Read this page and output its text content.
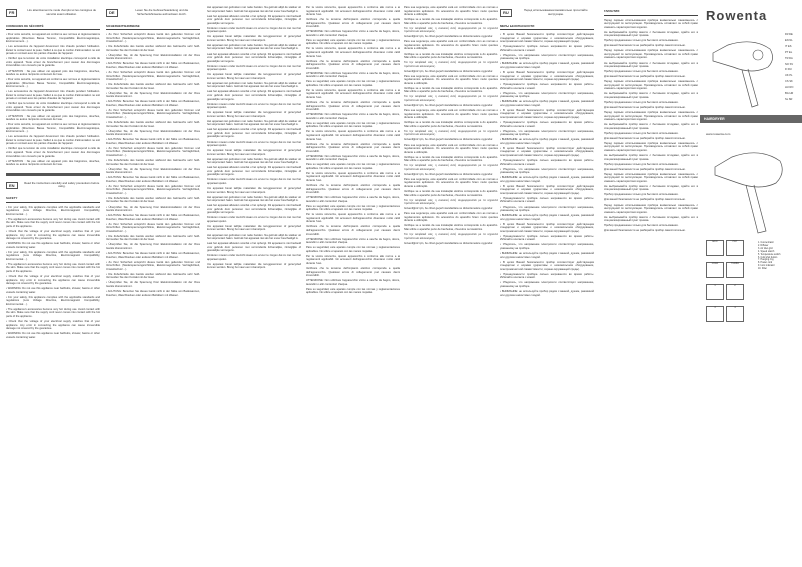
FR	Lire attentivement le mode d'emploi et les consignes de sécurité avant utilisation.
CONSIGNES DE SÉCURITÉ
• Pour votre sécurité, cet appareil est conforme aux normes et réglementations applicables (Directives Basse Tension, Compatibilité Électromagnétique, Environnement…).
• Les accessoires de l'appareil deviennent très chauds pendant l'utilisation. Évitez le contact avec la peau. Veillez à ce que le cordon d'alimentation ne soit jamais en contact avec les parties chaudes de l'appareil.
• Vérifiez que la tension de votre installation électrique correspond à celle de votre appareil. Toute erreur de branchement peut causer des dommages irréversibles non couverts par la garantie.
• ATTENTION : Ne pas utiliser cet appareil près des baignoires, douches, lavabos ou autres récipients contenant de l'eau.
• Pour votre sécurité, cet appareil est conforme aux normes et réglementations applicables (Directives Basse Tension, Compatibilité Électromagnétique, Environnement…).
• Les accessoires de l'appareil deviennent très chauds pendant l'utilisation. Évitez le contact avec la peau. Veillez à ce que le cordon d'alimentation ne soit jamais en contact avec les parties chaudes de l'appareil.
• Vérifiez que la tension de votre installation électrique correspond à celle de votre appareil. Toute erreur de branchement peut causer des dommages irréversibles non couverts par la garantie.
• ATTENTION : Ne pas utiliser cet appareil près des baignoires, douches, lavabos ou autres récipients contenant de l'eau.
• Pour votre sécurité, cet appareil est conforme aux normes et réglementations applicables (Directives Basse Tension, Compatibilité Électromagnétique, Environnement…).
• Les accessoires de l'appareil deviennent très chauds pendant l'utilisation. Évitez le contact avec la peau. Veillez à ce que le cordon d'alimentation ne soit jamais en contact avec les parties chaudes de l'appareil.
• Vérifiez que la tension de votre installation électrique correspond à celle de votre appareil. Toute erreur de branchement peut causer des dommages irréversibles non couverts par la garantie.
• ATTENTION : Ne pas utiliser cet appareil près des baignoires, douches, lavabos ou autres récipients contenant de l'eau.
EN	Read the instructions carefully and safety precautions before using.
SAFETY
• For your safety, this appliance complies with the applicable standards and regulations (Low Voltage Directive, Electromagnetic Compatibility, Environmental…).
• The appliance's accessories become very hot during use. Avoid contact with the skin. Make sure that the supply cord never comes into contact with the hot parts of the appliance.
• Check that the voltage of your electrical supply matches that of your appliance. Any error in connecting the appliance can cause irreversible damage not covered by the guarantee.
• WARNING: Do not use this appliance near bathtubs, shower, basins or other vessels containing water.
• For your safety, this appliance complies with the applicable standards and regulations (Low Voltage Directive, Electromagnetic Compatibility, Environmental…).
• The appliance's accessories become very hot during use. Avoid contact with the skin. Make sure that the supply cord never comes into contact with the hot parts of the appliance.
• Check that the voltage of your electrical supply matches that of your appliance. Any error in connecting the appliance can cause irreversible damage not covered by the guarantee.
• WARNING: Do not use this appliance near bathtubs, shower, basins or other vessels containing water.
• For your safety, this appliance complies with the applicable standards and regulations (Low Voltage Directive, Electromagnetic Compatibility, Environmental…).
• The appliance's accessories become very hot during use. Avoid contact with the skin. Make sure that the supply cord never comes into contact with the hot parts of the appliance.
• Check that the voltage of your electrical supply matches that of your appliance. Any error in connecting the appliance can cause irreversible damage not covered by the guarantee.
• WARNING: Do not use this appliance near bathtubs, shower, basins or other vessels containing water.
DE	Lesen Sie die Gebrauchsanleitung und die Sicherheitshinweise aufmerksam durch.
SICHERHEITSHINWEISE
• Zu Ihrer Sicherheit entspricht dieses Gerät den geltenden Normen und Vorschriften (Niederspannungsrichtlinie, Elektromagnetische Verträglichkeit, Umweltschutz…).
• Die Zubehörteile des Geräts werden während des Gebrauchs sehr heiß. Vermeiden Sie den Kontakt mit der Haut.
• Überprüfen Sie, ob die Spannung Ihrer Elektroinstallation mit der Ihres Geräts übereinstimmt.
• ACHTUNG: Benutzen Sie dieses Gerät nicht in der Nähe von Badewannen, Duschen, Waschbecken oder anderen Behältern mit Wasser.
• Zu Ihrer Sicherheit entspricht dieses Gerät den geltenden Normen und Vorschriften (Niederspannungsrichtlinie, Elektromagnetische Verträglichkeit, Umweltschutz…).
• Die Zubehörteile des Geräts werden während des Gebrauchs sehr heiß. Vermeiden Sie den Kontakt mit der Haut.
• Überprüfen Sie, ob die Spannung Ihrer Elektroinstallation mit der Ihres Geräts übereinstimmt.
• ACHTUNG: Benutzen Sie dieses Gerät nicht in der Nähe von Badewannen, Duschen, Waschbecken oder anderen Behältern mit Wasser.
• Zu Ihrer Sicherheit entspricht dieses Gerät den geltenden Normen und Vorschriften (Niederspannungsrichtlinie, Elektromagnetische Verträglichkeit, Umweltschutz…).
• Die Zubehörteile des Geräts werden während des Gebrauchs sehr heiß. Vermeiden Sie den Kontakt mit der Haut.
• Überprüfen Sie, ob die Spannung Ihrer Elektroinstallation mit der Ihres Geräts übereinstimmt.
• ACHTUNG: Benutzen Sie dieses Gerät nicht in der Nähe von Badewannen, Duschen, Waschbecken oder anderen Behältern mit Wasser.
• Zu Ihrer Sicherheit entspricht dieses Gerät den geltenden Normen und Vorschriften (Niederspannungsrichtlinie, Elektromagnetische Verträglichkeit, Umweltschutz…).
• Die Zubehörteile des Geräts werden während des Gebrauchs sehr heiß. Vermeiden Sie den Kontakt mit der Haut.
• Überprüfen Sie, ob die Spannung Ihrer Elektroinstallation mit der Ihres Geräts übereinstimmt.
• ACHTUNG: Benutzen Sie dieses Gerät nicht in der Nähe von Badewannen, Duschen, Waschbecken oder anderen Behältern mit Wasser.
• Zu Ihrer Sicherheit entspricht dieses Gerät den geltenden Normen und Vorschriften (Niederspannungsrichtlinie, Elektromagnetische Verträglichkeit, Umweltschutz…).
• Die Zubehörteile des Geräts werden während des Gebrauchs sehr heiß. Vermeiden Sie den Kontakt mit der Haut.
• Überprüfen Sie, ob die Spannung Ihrer Elektroinstallation mit der Ihres Geräts übereinstimmt.
• ACHTUNG: Benutzen Sie dieses Gerät nicht in der Nähe von Badewannen, Duschen, Waschbecken oder anderen Behältern mit Wasser.
• Zu Ihrer Sicherheit entspricht dieses Gerät den geltenden Normen und Vorschriften (Niederspannungsrichtlinie, Elektromagnetische Verträglichkeit, Umweltschutz…).
• Die Zubehörteile des Geräts werden während des Gebrauchs sehr heiß. Vermeiden Sie den Kontakt mit der Haut.
• Überprüfen Sie, ob die Spannung Ihrer Elektroinstallation mit der Ihres Geräts übereinstimmt.
• ACHTUNG: Benutzen Sie dieses Gerät nicht in der Nähe von Badewannen, Duschen, Waschbecken oder anderen Behältern mit Wasser.
• Zu Ihrer Sicherheit entspricht dieses Gerät den geltenden Normen und Vorschriften (Niederspannungsrichtlinie, Elektromagnetische Verträglichkeit, Umweltschutz…).
• Die Zubehörteile des Geräts werden während des Gebrauchs sehr heiß. Vermeiden Sie den Kontakt mit der Haut.
• Überprüfen Sie, ob die Spannung Ihrer Elektroinstallation mit der Ihres Geräts übereinstimmt.
• ACHTUNG: Benutzen Sie dieses Gerät nicht in der Nähe von Badewannen, Duschen, Waschbecken oder anderen Behältern mit Wasser.
Het apparaat niet gebruiken met natte handen. Na gebruik altijd de stekker uit het stopcontact halen. Gebruik het apparaat niet als het snoer beschadigd is.
Laat het apparaat afkoelen voordat u het opbergt. Dit apparaat is niet bedoeld voor gebruik door personen met verminderde lichamelijke, zintuiglijke of geestelijke vermogens.
Kinderen moeten onder toezicht staan om ervoor te zorgen dat ze niet met het apparaat spelen.
Uw apparaat bevat talrijke materialen die teruggewonnen of gerecycled kunnen worden. Breng het naar een inzamelpunt.
Het apparaat niet gebruiken met natte handen. Na gebruik altijd de stekker uit het stopcontact halen. Gebruik het apparaat niet als het snoer beschadigd is.
Laat het apparaat afkoelen voordat u het opbergt. Dit apparaat is niet bedoeld voor gebruik door personen met verminderde lichamelijke, zintuiglijke of geestelijke vermogens.
Kinderen moeten onder toezicht staan om ervoor te zorgen dat ze niet met het apparaat spelen.
Uw apparaat bevat talrijke materialen die teruggewonnen of gerecycled kunnen worden. Breng het naar een inzamelpunt.
Het apparaat niet gebruiken met natte handen. Na gebruik altijd de stekker uit het stopcontact halen. Gebruik het apparaat niet als het snoer beschadigd is.
Laat het apparaat afkoelen voordat u het opbergt. Dit apparaat is niet bedoeld voor gebruik door personen met verminderde lichamelijke, zintuiglijke of geestelijke vermogens.
Kinderen moeten onder toezicht staan om ervoor te zorgen dat ze niet met het apparaat spelen.
Uw apparaat bevat talrijke materialen die teruggewonnen of gerecycled kunnen worden. Breng het naar een inzamelpunt.
Het apparaat niet gebruiken met natte handen. Na gebruik altijd de stekker uit het stopcontact halen. Gebruik het apparaat niet als het snoer beschadigd is.
Laat het apparaat afkoelen voordat u het opbergt. Dit apparaat is niet bedoeld voor gebruik door personen met verminderde lichamelijke, zintuiglijke of geestelijke vermogens.
Kinderen moeten onder toezicht staan om ervoor te zorgen dat ze niet met het apparaat spelen.
Uw apparaat bevat talrijke materialen die teruggewonnen of gerecycled kunnen worden. Breng het naar een inzamelpunt.
Het apparaat niet gebruiken met natte handen. Na gebruik altijd de stekker uit het stopcontact halen. Gebruik het apparaat niet als het snoer beschadigd is.
Laat het apparaat afkoelen voordat u het opbergt. Dit apparaat is niet bedoeld voor gebruik door personen met verminderde lichamelijke, zintuiglijke of geestelijke vermogens.
Kinderen moeten onder toezicht staan om ervoor te zorgen dat ze niet met het apparaat spelen.
Uw apparaat bevat talrijke materialen die teruggewonnen of gerecycled kunnen worden. Breng het naar een inzamelpunt.
Het apparaat niet gebruiken met natte handen. Na gebruik altijd de stekker uit het stopcontact halen. Gebruik het apparaat niet als het snoer beschadigd is.
Laat het apparaat afkoelen voordat u het opbergt. Dit apparaat is niet bedoeld voor gebruik door personen met verminderde lichamelijke, zintuiglijke of geestelijke vermogens.
Kinderen moeten onder toezicht staan om ervoor te zorgen dat ze niet met het apparaat spelen.
Uw apparaat bevat talrijke materialen die teruggewonnen of gerecycled kunnen worden. Breng het naar een inzamelpunt.
Het apparaat niet gebruiken met natte handen. Na gebruik altijd de stekker uit het stopcontact halen. Gebruik het apparaat niet als het snoer beschadigd is.
Laat het apparaat afkoelen voordat u het opbergt. Dit apparaat is niet bedoeld voor gebruik door personen met verminderde lichamelijke, zintuiglijke of geestelijke vermogens.
Kinderen moeten onder toezicht staan om ervoor te zorgen dat ze niet met het apparaat spelen.
Uw apparaat bevat talrijke materialen die teruggewonnen of gerecycled kunnen worden. Breng het naar een inzamelpunt.
Per la vostra sicurezza, questo apparecchio è conforme alle norme e ai regolamenti applicabili. Gli accessori dell'apparecchio diventano molto caldi durante l'uso.
Verificare che la tensione dell'impianto elettrico corrisponda a quella dell'apparecchio. Qualsiasi errore di collegamento può causare danni irreversibili.
ATTENZIONE: Non utilizzare l'apparecchio vicino a vasche da bagno, docce, lavandini o altri contenitori d'acqua.
Para su seguridad, este aparato cumple con las normas y reglamentaciones aplicables. No utilice el aparato con las manos mojadas.
Per la vostra sicurezza, questo apparecchio è conforme alle norme e ai regolamenti applicabili. Gli accessori dell'apparecchio diventano molto caldi durante l'uso.
Verificare che la tensione dell'impianto elettrico corrisponda a quella dell'apparecchio. Qualsiasi errore di collegamento può causare danni irreversibili.
ATTENZIONE: Non utilizzare l'apparecchio vicino a vasche da bagno, docce, lavandini o altri contenitori d'acqua.
Para su seguridad, este aparato cumple con las normas y reglamentaciones aplicables. No utilice el aparato con las manos mojadas.
Per la vostra sicurezza, questo apparecchio è conforme alle norme e ai regolamenti applicabili. Gli accessori dell'apparecchio diventano molto caldi durante l'uso.
Verificare che la tensione dell'impianto elettrico corrisponda a quella dell'apparecchio. Qualsiasi errore di collegamento può causare danni irreversibili.
ATTENZIONE: Non utilizzare l'apparecchio vicino a vasche da bagno, docce, lavandini o altri contenitori d'acqua.
Para su seguridad, este aparato cumple con las normas y reglamentaciones aplicables. No utilice el aparato con las manos mojadas.
Per la vostra sicurezza, questo apparecchio è conforme alle norme e ai regolamenti applicabili. Gli accessori dell'apparecchio diventano molto caldi durante l'uso.
Verificare che la tensione dell'impianto elettrico corrisponda a quella dell'apparecchio. Qualsiasi errore di collegamento può causare danni irreversibili.
ATTENZIONE: Non utilizzare l'apparecchio vicino a vasche da bagno, docce, lavandini o altri contenitori d'acqua.
Para su seguridad, este aparato cumple con las normas y reglamentaciones aplicables. No utilice el aparato con las manos mojadas.
Per la vostra sicurezza, questo apparecchio è conforme alle norme e ai regolamenti applicabili. Gli accessori dell'apparecchio diventano molto caldi durante l'uso.
Verificare che la tensione dell'impianto elettrico corrisponda a quella dell'apparecchio. Qualsiasi errore di collegamento può causare danni irreversibili.
ATTENZIONE: Non utilizzare l'apparecchio vicino a vasche da bagno, docce, lavandini o altri contenitori d'acqua.
Para su seguridad, este aparato cumple con las normas y reglamentaciones aplicables. No utilice el aparato con las manos mojadas.
Per la vostra sicurezza, questo apparecchio è conforme alle norme e ai regolamenti applicabili. Gli accessori dell'apparecchio diventano molto caldi durante l'uso.
Verificare che la tensione dell'impianto elettrico corrisponda a quella dell'apparecchio. Qualsiasi errore di collegamento può causare danni irreversibili.
ATTENZIONE: Non utilizzare l'apparecchio vicino a vasche da bagno, docce, lavandini o altri contenitori d'acqua.
Para su seguridad, este aparato cumple con las normas y reglamentaciones aplicables. No utilice el aparato con las manos mojadas.
Per la vostra sicurezza, questo apparecchio è conforme alle norme e ai regolamenti applicabili. Gli accessori dell'apparecchio diventano molto caldi durante l'uso.
Verificare che la tensione dell'impianto elettrico corrisponda a quella dell'apparecchio. Qualsiasi errore di collegamento può causare danni irreversibili.
ATTENZIONE: Non utilizzare l'apparecchio vicino a vasche da bagno, docce, lavandini o altri contenitori d'acqua.
Para su seguridad, este aparato cumple con las normas y reglamentaciones aplicables. No utilice el aparato con las manos mojadas.
Para sua segurança, este aparelho está em conformidade com as normas e regulamentos aplicáveis. Os acessórios do aparelho ficam muito quentes durante a utilização.
Verifique se a tensão da sua instalação elétrica corresponde à do aparelho. Não utilize o aparelho perto de banheiras, chuveiros ou lavatórios.
Για την ασφάλειά σας, η συσκευή αυτή συμμορφώνεται με τα ισχύοντα πρότυπα και κανονισμούς.
Güvenliğiniz için, bu cihaz geçerli standartlara ve düzenlemelere uygundur.
Para sua segurança, este aparelho está em conformidade com as normas e regulamentos aplicáveis. Os acessórios do aparelho ficam muito quentes durante a utilização.
Verifique se a tensão da sua instalação elétrica corresponde à do aparelho. Não utilize o aparelho perto de banheiras, chuveiros ou lavatórios.
Για την ασφάλειά σας, η συσκευή αυτή συμμορφώνεται με τα ισχύοντα πρότυπα και κανονισμούς.
Güvenliğiniz için, bu cihaz geçerli standartlara ve düzenlemelere uygundur.
Para sua segurança, este aparelho está em conformidade com as normas e regulamentos aplicáveis. Os acessórios do aparelho ficam muito quentes durante a utilização.
Verifique se a tensão da sua instalação elétrica corresponde à do aparelho. Não utilize o aparelho perto de banheiras, chuveiros ou lavatórios.
Για την ασφάλειά σας, η συσκευή αυτή συμμορφώνεται με τα ισχύοντα πρότυπα και κανονισμούς.
Güvenliğiniz için, bu cihaz geçerli standartlara ve düzenlemelere uygundur.
Para sua segurança, este aparelho está em conformidade com as normas e regulamentos aplicáveis. Os acessórios do aparelho ficam muito quentes durante a utilização.
Verifique se a tensão da sua instalação elétrica corresponde à do aparelho. Não utilize o aparelho perto de banheiras, chuveiros ou lavatórios.
Για την ασφάλειά σας, η συσκευή αυτή συμμορφώνεται με τα ισχύοντα πρότυπα και κανονισμούς.
Güvenliğiniz için, bu cihaz geçerli standartlara ve düzenlemelere uygundur.
Para sua segurança, este aparelho está em conformidade com as normas e regulamentos aplicáveis. Os acessórios do aparelho ficam muito quentes durante a utilização.
Verifique se a tensão da sua instalação elétrica corresponde à do aparelho. Não utilize o aparelho perto de banheiras, chuveiros ou lavatórios.
Για την ασφάλειά σας, η συσκευή αυτή συμμορφώνεται με τα ισχύοντα πρότυπα και κανονισμούς.
Güvenliğiniz için, bu cihaz geçerli standartlara ve düzenlemelere uygundur.
Para sua segurança, este aparelho está em conformidade com as normas e regulamentos aplicáveis. Os acessórios do aparelho ficam muito quentes durante a utilização.
Verifique se a tensão da sua instalação elétrica corresponde à do aparelho. Não utilize o aparelho perto de banheiras, chuveiros ou lavatórios.
Για την ασφάλειά σας, η συσκευή αυτή συμμορφώνεται με τα ισχύοντα πρότυπα και κανονισμούς.
Güvenliğiniz için, bu cihaz geçerli standartlara ve düzenlemelere uygundur.
Para sua segurança, este aparelho está em conformidade com as normas e regulamentos aplicáveis. Os acessórios do aparelho ficam muito quentes durante a utilização.
Verifique se a tensão da sua instalação elétrica corresponde à do aparelho. Não utilize o aparelho perto de banheiras, chuveiros ou lavatórios.
Για την ασφάλειά σας, η συσκευή αυτή συμμορφώνεται με τα ισχύοντα πρότυπα και κανονισμούς.
Güvenliğiniz için, bu cihaz geçerli standartlara ve düzenlemelere uygundur.
RU	Перед использованием внимательно прочитайте инструкцию.
МЕРЫ БЕЗОПАСНОСТИ
• В целях Вашей безопасности прибор соответствует действующим стандартам и нормам (директивы о низковольтном оборудовании, электромагнитной совместимости, охране окружающей среды).
• Принадлежности прибора сильно нагреваются во время работы. Избегайте контакта с кожей.
• Убедитесь, что напряжение электросети соответствует напряжению, указанному на приборе.
• ВНИМАНИЕ: не используйте прибор рядом с ванной, душем, раковиной или другими емкостями с водой.
• В целях Вашей безопасности прибор соответствует действующим стандартам и нормам (директивы о низковольтном оборудовании, электромагнитной совместимости, охране окружающей среды).
• Принадлежности прибора сильно нагреваются во время работы. Избегайте контакта с кожей.
• Убедитесь, что напряжение электросети соответствует напряжению, указанному на приборе.
• ВНИМАНИЕ: не используйте прибор рядом с ванной, душем, раковиной или другими емкостями с водой.
• В целях Вашей безопасности прибор соответствует действующим стандартам и нормам (директивы о низковольтном оборудовании, электромагнитной совместимости, охране окружающей среды).
• Принадлежности прибора сильно нагреваются во время работы. Избегайте контакта с кожей.
• Убедитесь, что напряжение электросети соответствует напряжению, указанному на приборе.
• ВНИМАНИЕ: не используйте прибор рядом с ванной, душем, раковиной или другими емкостями с водой.
• В целях Вашей безопасности прибор соответствует действующим стандартам и нормам (директивы о низковольтном оборудовании, электромагнитной совместимости, охране окружающей среды).
• Принадлежности прибора сильно нагреваются во время работы. Избегайте контакта с кожей.
• Убедитесь, что напряжение электросети соответствует напряжению, указанному на приборе.
• ВНИМАНИЕ: не используйте прибор рядом с ванной, душем, раковиной или другими емкостями с водой.
• В целях Вашей безопасности прибор соответствует действующим стандартам и нормам (директивы о низковольтном оборудовании, электромагнитной совместимости, охране окружающей среды).
• Принадлежности прибора сильно нагреваются во время работы. Избегайте контакта с кожей.
• Убедитесь, что напряжение электросети соответствует напряжению, указанному на приборе.
• ВНИМАНИЕ: не используйте прибор рядом с ванной, душем, раковиной или другими емкостями с водой.
• В целях Вашей безопасности прибор соответствует действующим стандартам и нормам (директивы о низковольтном оборудовании, электромагнитной совместимости, охране окружающей среды).
• Принадлежности прибора сильно нагреваются во время работы. Избегайте контакта с кожей.
• Убедитесь, что напряжение электросети соответствует напряжению, указанному на приборе.
• ВНИМАНИЕ: не используйте прибор рядом с ванной, душем, раковиной или другими емкостями с водой.
• В целях Вашей безопасности прибор соответствует действующим стандартам и нормам (директивы о низковольтном оборудовании, электромагнитной совместимости, охране окружающей среды).
• Принадлежности прибора сильно нагреваются во время работы. Избегайте контакта с кожей.
• Убедитесь, что напряжение электросети соответствует напряжению, указанному на приборе.
• ВНИМАНИЕ: не используйте прибор рядом с ванной, душем, раковиной или другими емкостями с водой.
ГАРАНТИЯ
Перед первым использованием прибора внимательно ознакомьтесь с инструкцией по эксплуатации. Производитель оставляет за собой право изменять характеристики изделия.
Не выбрасывайте прибор вместе с бытовыми отходами, сдайте его в специализированный пункт приема.
Прибор предназначен только для бытового использования.
Для вашей безопасности не разбирайте прибор самостоятельно.
Перед первым использованием прибора внимательно ознакомьтесь с инструкцией по эксплуатации. Производитель оставляет за собой право изменять характеристики изделия.
Не выбрасывайте прибор вместе с бытовыми отходами, сдайте его в специализированный пункт приема.
Прибор предназначен только для бытового использования.
Для вашей безопасности не разбирайте прибор самостоятельно.
Перед первым использованием прибора внимательно ознакомьтесь с инструкцией по эксплуатации. Производитель оставляет за собой право изменять характеристики изделия.
Не выбрасывайте прибор вместе с бытовыми отходами, сдайте его в специализированный пункт приема.
Прибор предназначен только для бытового использования.
Для вашей безопасности не разбирайте прибор самостоятельно.
Перед первым использованием прибора внимательно ознакомьтесь с инструкцией по эксплуатации. Производитель оставляет за собой право изменять характеристики изделия.
Не выбрасывайте прибор вместе с бытовыми отходами, сдайте его в специализированный пункт приема.
Прибор предназначен только для бытового использования.
Для вашей безопасности не разбирайте прибор самостоятельно.
Перед первым использованием прибора внимательно ознакомьтесь с инструкцией по эксплуатации. Производитель оставляет за собой право изменять характеристики изделия.
Не выбрасывайте прибор вместе с бытовыми отходами, сдайте его в специализированный пункт приема.
Прибор предназначен только для бытового использования.
Для вашей безопасности не разбирайте прибор самостоятельно.
Перед первым использованием прибора внимательно ознакомьтесь с инструкцией по эксплуатации. Производитель оставляет за собой право изменять характеристики изделия.
Не выбрасывайте прибор вместе с бытовыми отходами, сдайте его в специализированный пункт приема.
Прибор предназначен только для бытового использования.
Для вашей безопасности не разбирайте прибор самостоятельно.
Перед первым использованием прибора внимательно ознакомьтесь с инструкцией по эксплуатации. Производитель оставляет за собой право изменять характеристики изделия.
Не выбрасывайте прибор вместе с бытовыми отходами, сдайте его в специализированный пункт приема.
Прибор предназначен только для бытового использования.
Для вашей безопасности не разбирайте прибор самостоятельно.
Rowenta
FR DE
EN NL
IT ES
PT EL
TR DA
NO SV
FI RU
UK PL
CS SK
HU RO
BG HR
SL SR
HAIRDRYER
www.rowenta.com
ECO	HOT
COLD	TURBO
1	2
3	4
1. Concentrator
2. Diffuser
3. Air inlet grid
4. Speed switch
5. Temperature switch
6. Cold shot button
7. Hanging ring
8. Power cord
9. Ionic indicator
10. Filter
